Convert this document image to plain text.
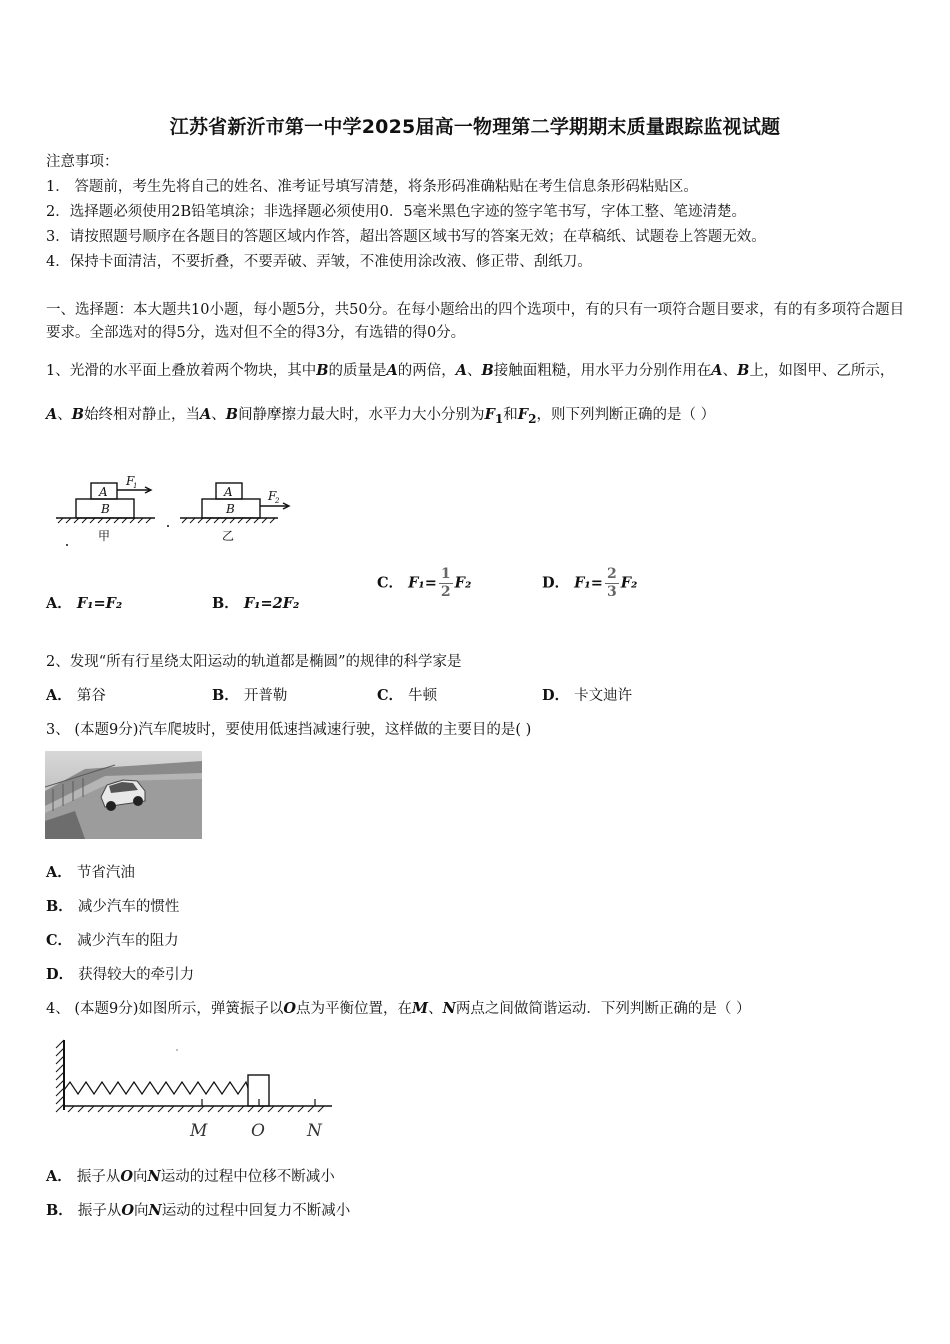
江苏省新沂市第一中学2025届高一物理第二学期期末质量跟踪监视试题
注意事项：
1． 答题前，考生先将自己的姓名、准考证号填写清楚，将条形码准确粘贴在考生信息条形码粘贴区。
2．选择题必须使用2B铅笔填涂；非选择题必须使用0．5毫米黑色字迹的签字笔书写，字体工整、笔迹清楚。
3．请按照题号顺序在各题目的答题区域内作答，超出答题区域书写的答案无效；在草稿纸、试题卷上答题无效。
4．保持卡面清洁，不要折叠，不要弄破、弄皱，不准使用涂改液、修正带、刮纸刀。
一、选择题：本大题共10小题，每小题5分，共50分。在每小题给出的四个选项中，有的只有一项符合题目要求，有的有多项符合题目要求。全部选对的得5分，选对但不全的得3分，有选错的得0分。
1、光滑的水平面上叠放着两个物块，其中B的质量是A的两倍，A、B接触面粗糙，用水平力分别作用在A、B上，如图甲、乙所示，A、B始终相对静止，当A、B间静摩擦力最大时，水平力大小分别为$F_1$和$F_2$，则下列判断正确的是（ ）
A
B
F
1	A
B
F
2
甲	乙
A． F₁=F₂	B． F₁=2F₂
C． $F_1= \frac{1}{2} F_2$	D． $F_1= \frac{2}{3} F_2$
2、发现“所有行星绕太阳运动的轨道都是椭圆”的规律的科学家是
A． 第谷	B． 开普勒	C． 牛顿	D． 卡文迪许
3、 (本题9分)汽车爬坡时，要使用低速挡减速行驶，这样做的主要目的是( )
A． 节省汽油
B． 减少汽车的惯性
C． 减少汽车的阻力
D． 获得较大的牵引力
4、 (本题9分)如图所示，弹簧振子以O点为平衡位置，在M、N两点之间做简谐运动．下列判断正确的是（ ）
M	O N
A． 振子从O向N运动的过程中位移不断减小
B． 振子从O向N运动的过程中回复力不断减小
